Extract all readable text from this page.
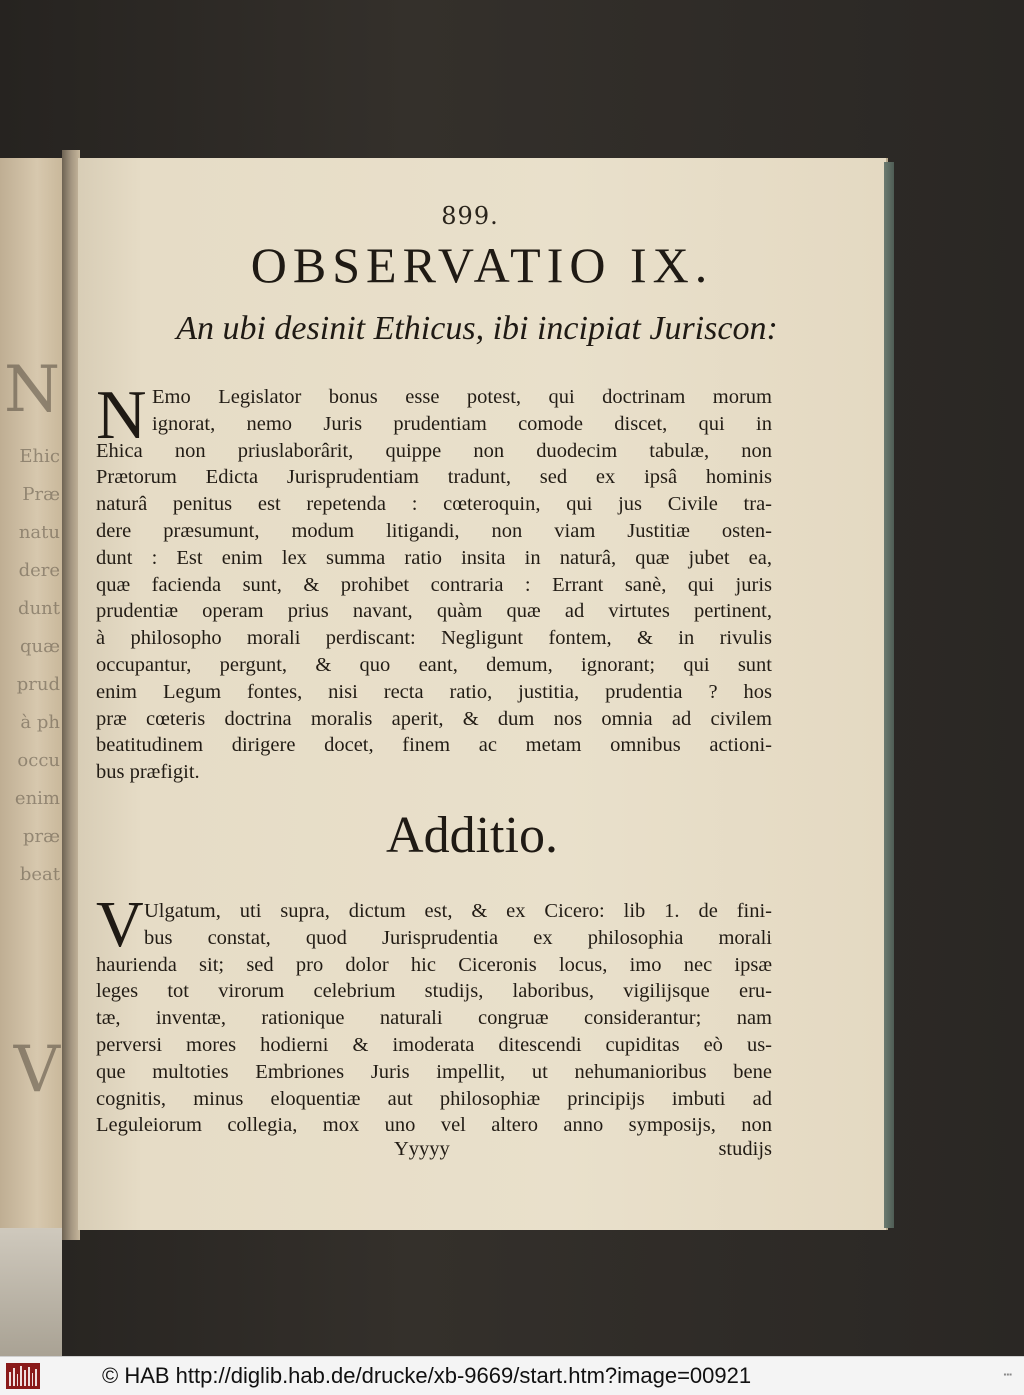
N
Ehic
Præ
natu
dere
dunt
quæ
prud
à ph
occu
enim
præ
beat
V
899.
OBSERVATIO IX.
An ubi desinit Ethicus, ibi incipiat Juriscon:
N Emo Legislator bonus esse potest, qui doctrinam morum
ignorat, nemo Juris prudentiam comode discet, qui in
Ehica non priuslaborârit, quippe non duodecim tabulæ, non
Prætorum Edicta Jurisprudentiam tradunt, sed ex ipsâ hominis
naturâ penitus est repetenda : cœteroquin, qui jus Civile tra-
dere præsumunt, modum litigandi, non viam Justitiæ osten-
dunt : Est enim lex summa ratio insita in naturâ, quæ jubet ea,
quæ facienda sunt, & prohibet contraria : Errant sanè, qui juris
prudentiæ operam prius navant, quàm quæ ad virtutes pertinent,
à philosopho morali perdiscant: Negligunt fontem, & in rivulis
occupantur, pergunt, & quo eant, demum, ignorant; qui sunt
enim Legum fontes, nisi recta ratio, justitia, prudentia ? hos
præ cœteris doctrina moralis aperit, & dum nos omnia ad civilem
beatitudinem dirigere docet, finem ac metam omnibus actioni-
bus præfigit.
Additio.
V Ulgatum, uti supra, dictum est, & ex Cicero: lib 1. de fini-
bus constat, quod Jurisprudentia ex philosophia morali
haurienda sit; sed pro dolor hic Ciceronis locus, imo nec ipsæ
leges tot virorum celebrium studijs, laboribus, vigilijsque eru-
tæ, inventæ, rationique naturali congruæ considerantur; nam
perversi mores hodierni & imoderata ditescendi cupiditas eò us-
que multoties Embriones Juris impellit, ut nehumanioribus bene
cognitis, minus eloquentiæ aut philosophiæ principijs imbuti ad
Leguleiorum collegia, mox uno vel altero anno symposijs, non
Yyyyy	studijs
© HAB http://diglib.hab.de/drucke/xb-9669/start.htm?image=00921	▪▪▪
